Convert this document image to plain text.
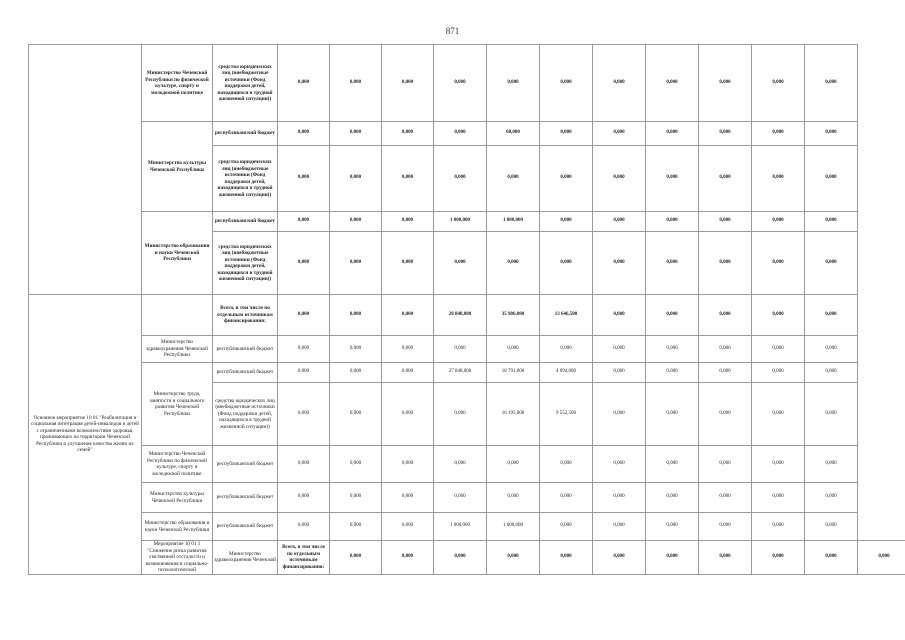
871
	Министерство Чеченской Республики по физической культуре, спорту и молодежной политике	средства юридических лиц (внебюджетные источники (Фонд поддержки детей, находящихся в трудной жизненной ситуации))	0,000	0,000	0,000	0,000	0,000	0,000	0,000	0,000	0,000	0,000	0,000	
	Министерство культуры Чеченской Республики	республиканский бюджет	0,000	0,000	0,000	0,000	60,000	0,000	0,000	0,000	0,000	0,000	0,000	
		средства юридических лиц (внебюджетные источники (Фонд поддержки детей, находящихся в трудной жизненной ситуации))	0,000	0,000	0,000	0,000	0,000	0,000	0,000	0,000	0,000	0,000	0,000	
	Министерство образования и науки Чеченской Республики	республиканский бюджет	0,000	0,000	0,000	1 000,000	1 000,000	0,000	0,000	0,000	0,000	0,000	0,000	
		средства юридических лиц (внебюджетные источники (Фонд поддержки детей, находящихся в трудной жизненной ситуации))	0,000	0,000	0,000	0,000	0,000	0,000	0,000	0,000	0,000	0,000	0,000	
Основное мероприятие 10 01 "Реабилитация и социальная интеграция детей-инвалидов и детей с ограниченными возможностями здоровья, проживающих на территории Чеченской Республики и улучшение качества жизни их семей"		Всего, в том числе по отдельным источникам финансирования:	0,000	0,000	0,000	28 848,000	35 986,000	13 646,500	0,000	0,000	0,000	0,000	0,000	
	Министерство здравоохранения Чеченской Республики	республиканский бюджет	0,000	0,000	0,000	0,000	0,000	0,000	0,000	0,000	0,000	0,000	0,000	
	Министерство труда, занятости и социального развития Чеченской Республики	республиканский бюджет	0,000	0,000	0,000	27 848,000	18 791,000	4 094,000	0,000	0,000	0,000	0,000	0,000	
		средства юридических лиц (внебюджетные источники (Фонд поддержки детей, находящихся в трудной жизненной ситуации))	0,000	0,000	0,000	0,000	16 195,000	9 552,500	0,000	0,000	0,000	0,000	0,000	
	Министерство Чеченской Республики по физической культуре, спорту и молодежной политике	республиканский бюджет	0,000	0,000	0,000	0,000	0,000	0,000	0,000	0,000	0,000	0,000	0,000	
	Министерство культуры Чеченской Республики	республиканский бюджет	0,000	0,000	0,000	0,000	0,000	0,000	0,000	0,000	0,000	0,000	0,000	
	Министерство образования и науки Чеченской Республики	республиканский бюджет	0,000	0,000	0,000	1 000,000	1 000,000	0,000	0,000	0,000	0,000	0,000	0,000	
	Мероприятие 10 01 1 "Снижение риска развития умственной отсталости и возникновения в социально-психологической	Министерство здравоохранения Чеченской	Всего, в том числе по отдельным источникам финансирования:	0,000	0,000	0,000	0,000	0,000	0,000	0,000	0,000	0,000	0,000	0,000
